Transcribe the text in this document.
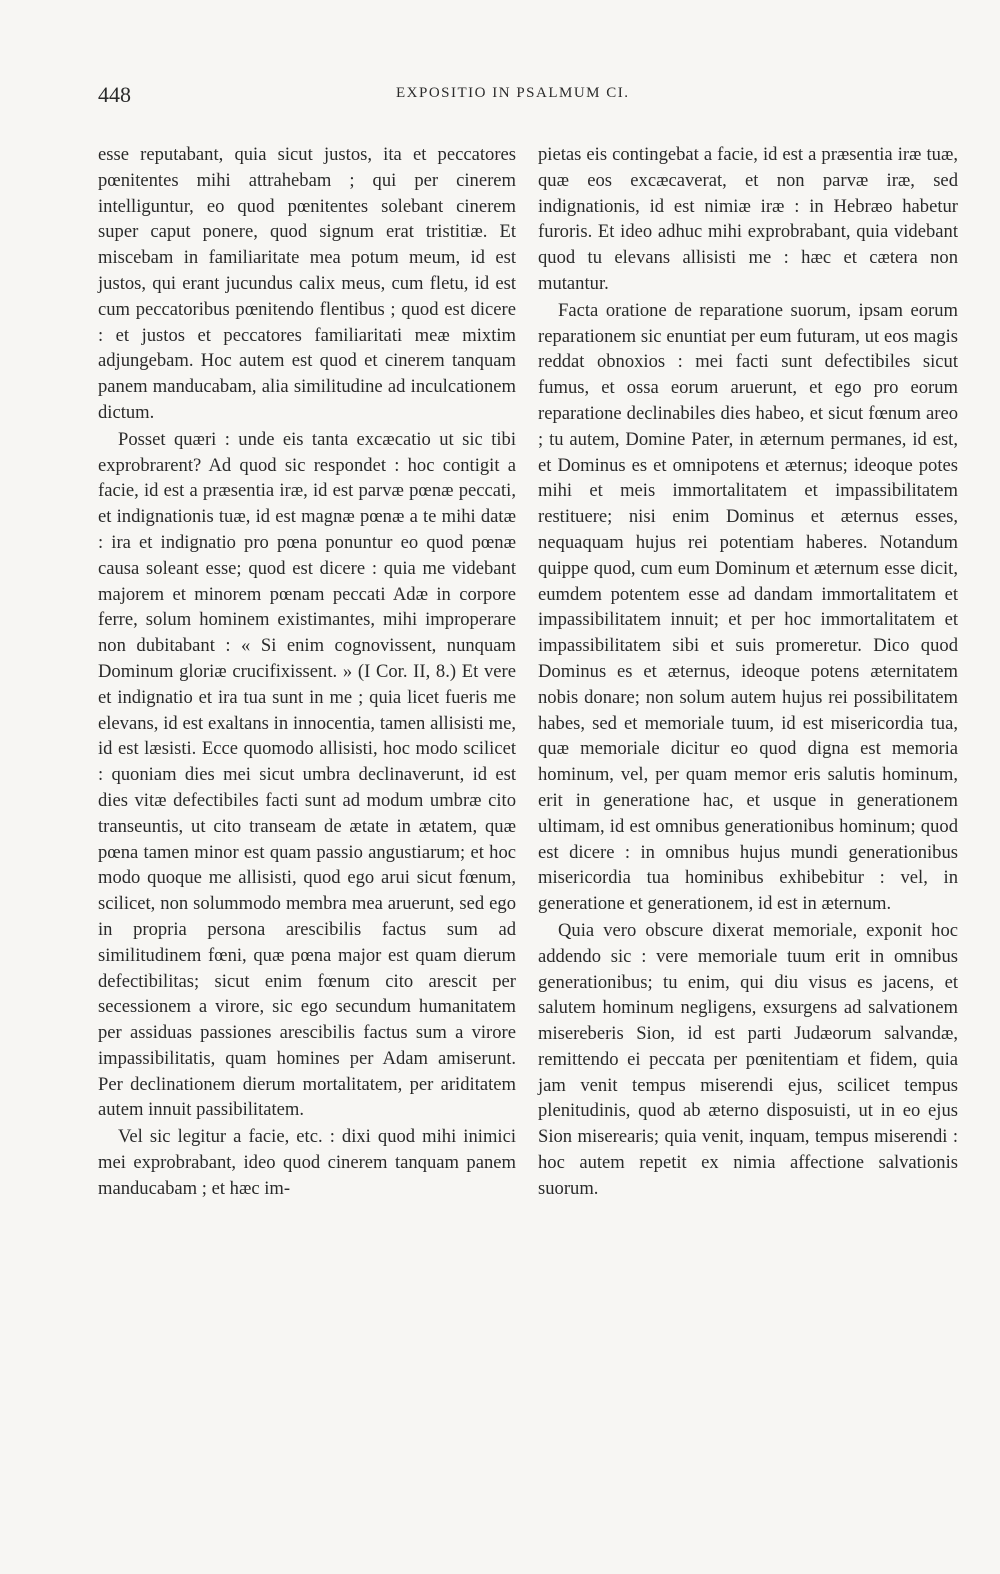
448	EXPOSITIO IN PSALMUM CI.

esse reputabant, quia sicut justos, ita et peccatores pœnitentes mihi attrahebam ; qui per cinerem intelliguntur, eo quod pœnitentes solebant cinerem super caput ponere, quod signum erat tristitiæ. Et miscebam in familiaritate mea potum meum, id est justos, qui erant jucundus calix meus, cum fletu, id est cum peccatoribus pœnitendo flentibus ; quod est dicere : et justos et peccatores familiaritati meæ mixtim adjungebam. Hoc autem est quod et cinerem tanquam panem manducabam, alia similitudine ad inculcationem dictum.

Posset quæri : unde eis tanta excæcatio ut sic tibi exprobrarent? Ad quod sic respondet : hoc contigit a facie, id est a præsentia iræ, id est parvæ pœnæ peccati, et indignationis tuæ, id est magnæ pœnæ a te mihi datæ : ira et indignatio pro pœna ponuntur eo quod pœnæ causa soleant esse; quod est dicere : quia me videbant majorem et minorem pœnam peccati Adæ in corpore ferre, solum hominem existimantes, mihi improperare non dubitabant : « Si enim cognovissent, nunquam Dominum gloriæ crucifixissent. » (I Cor. II, 8.) Et vere et indignatio et ira tua sunt in me ; quia licet fueris me elevans, id est exaltans in innocentia, tamen allisisti me, id est læsisti. Ecce quomodo allisisti, hoc modo scilicet : quoniam dies mei sicut umbra declinaverunt, id est dies vitæ defectibiles facti sunt ad modum umbræ cito transeuntis, ut cito transeam de ætate in ætatem, quæ pœna tamen minor est quam passio angustiarum; et hoc modo quoque me allisisti, quod ego arui sicut fœnum, scilicet, non solummodo membra mea aruerunt, sed ego in propria persona arescibilis factus sum ad similitudinem fœni, quæ pœna major est quam dierum defectibilitas; sicut enim fœnum cito arescit per secessionem a virore, sic ego secundum humanitatem per assiduas passiones arescibilis factus sum a virore impassibilitatis, quam homines per Adam amiserunt. Per declinationem dierum mortalitatem, per ariditatem autem innuit passibilitatem.

Vel sic legitur a facie, etc. : dixi quod mihi inimici mei exprobrabant, ideo quod cinerem tanquam panem manducabam ; et hæc im-

pietas eis contingebat a facie, id est a præsentia iræ tuæ, quæ eos excæcaverat, et non parvæ iræ, sed indignationis, id est nimiæ iræ : in Hebræo habetur furoris. Et ideo adhuc mihi exprobrabant, quia videbant quod tu elevans allisisti me : hæc et cætera non mutantur.

Facta oratione de reparatione suorum, ipsam eorum reparationem sic enuntiat per eum futuram, ut eos magis reddat obnoxios : mei facti sunt defectibiles sicut fumus, et ossa eorum aruerunt, et ego pro eorum reparatione declinabiles dies habeo, et sicut fœnum areo ; tu autem, Domine Pater, in æternum permanes, id est, et Dominus es et omnipotens et æternus; ideoque potes mihi et meis immortalitatem et impassibilitatem restituere; nisi enim Dominus et æternus esses, nequaquam hujus rei potentiam haberes. Notandum quippe quod, cum eum Dominum et æternum esse dicit, eumdem potentem esse ad dandam immortalitatem et impassibilitatem innuit; et per hoc immortalitatem et impassibilitatem sibi et suis promeretur. Dico quod Dominus es et æternus, ideoque potens æternitatem nobis donare; non solum autem hujus rei possibilitatem habes, sed et memoriale tuum, id est misericordia tua, quæ memoriale dicitur eo quod digna est memoria hominum, vel, per quam memor eris salutis hominum, erit in generatione hac, et usque in generationem ultimam, id est omnibus generationibus hominum; quod est dicere : in omnibus hujus mundi generationibus misericordia tua hominibus exhibebitur : vel, in generatione et generationem, id est in æternum.

Quia vero obscure dixerat memoriale, exponit hoc addendo sic : vere memoriale tuum erit in omnibus generationibus; tu enim, qui diu visus es jacens, et salutem hominum negligens, exsurgens ad salvationem misereberis Sion, id est parti Judæorum salvandæ, remittendo ei peccata per pœnitentiam et fidem, quia jam venit tempus miserendi ejus, scilicet tempus plenitudinis, quod ab æterno disposuisti, ut in eo ejus Sion miserearis; quia venit, inquam, tempus miserendi : hoc autem repetit ex nimia affectione salvationis suorum.
